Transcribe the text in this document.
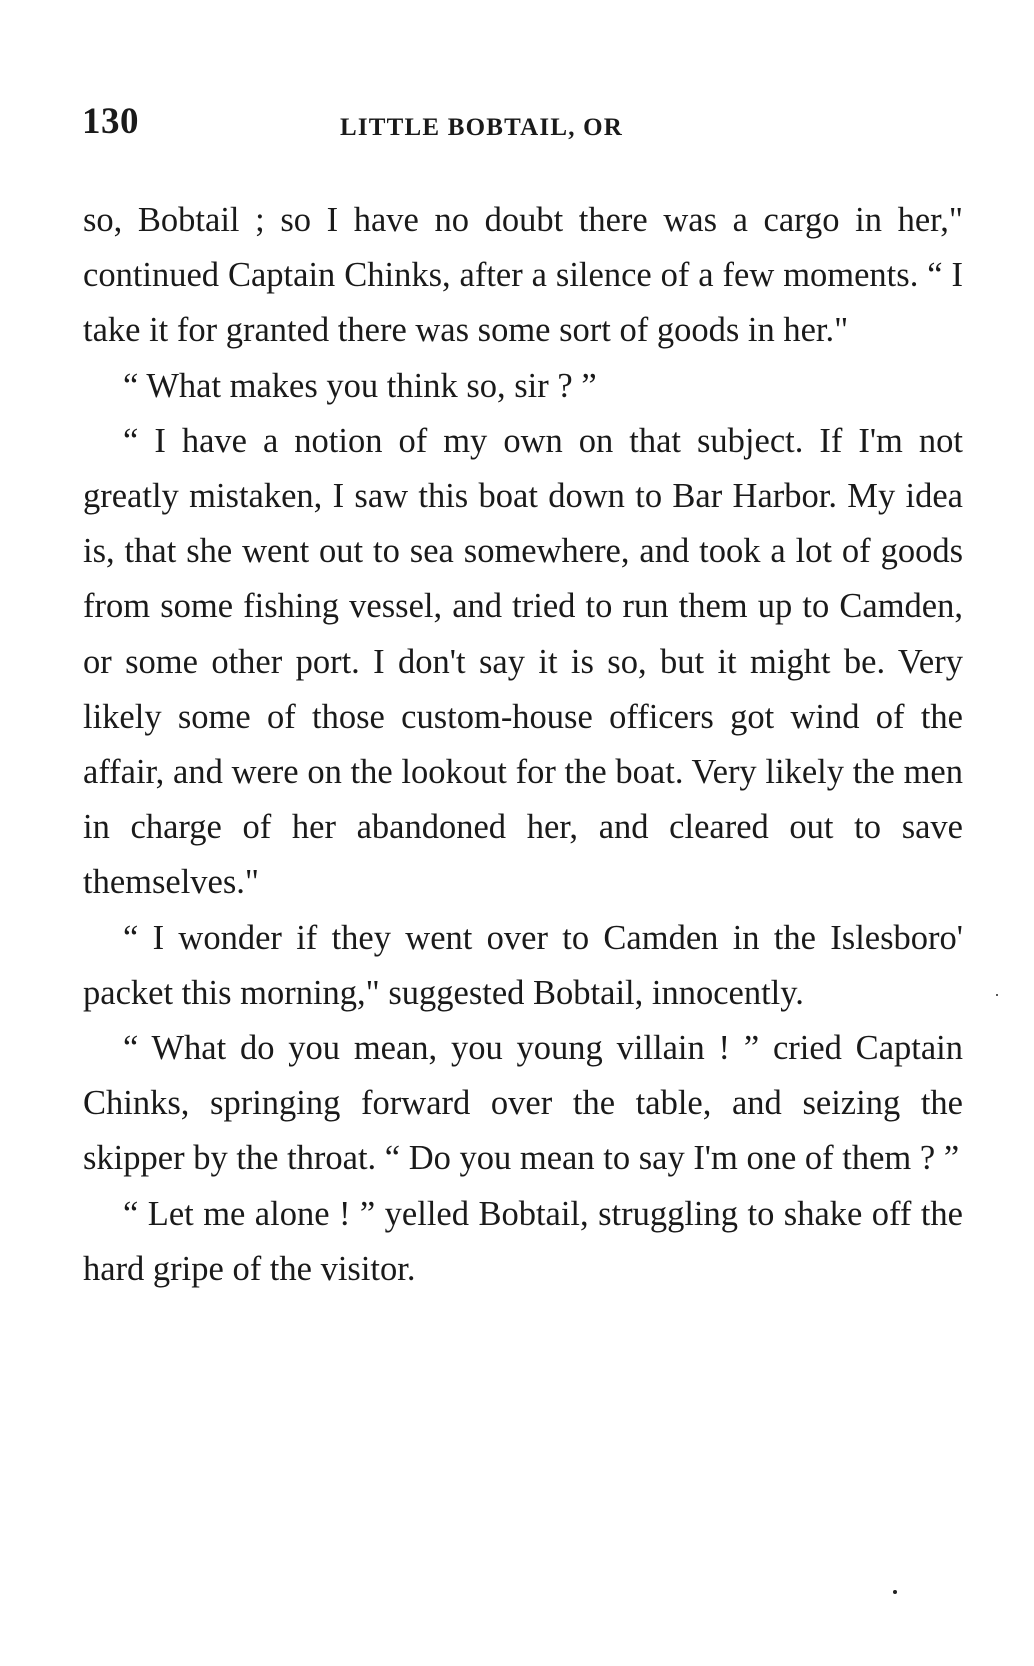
130	LITTLE BOBTAIL, OR

so, Bobtail ; so I have no doubt there was a cargo in her," continued Captain Chinks, after a silence of a few moments. “ I take it for granted there was some sort of goods in her."

“ What makes you think so, sir ? ”

“ I have a notion of my own on that subject. If I'm not greatly mistaken, I saw this boat down to Bar Harbor. My idea is, that she went out to sea somewhere, and took a lot of goods from some fishing vessel, and tried to run them up to Camden, or some other port. I don't say it is so, but it might be. Very likely some of those custom-house officers got wind of the affair, and were on the lookout for the boat. Very likely the men in charge of her abandoned her, and cleared out to save themselves."

“ I wonder if they went over to Camden in the Islesboro' packet this morning," suggested Bobtail, innocently.

“ What do you mean, you young villain ! ” cried Captain Chinks, springing forward over the table, and seizing the skipper by the throat. “ Do you mean to say I'm one of them ? ”

“ Let me alone ! ” yelled Bobtail, struggling to shake off the hard gripe of the visitor.
